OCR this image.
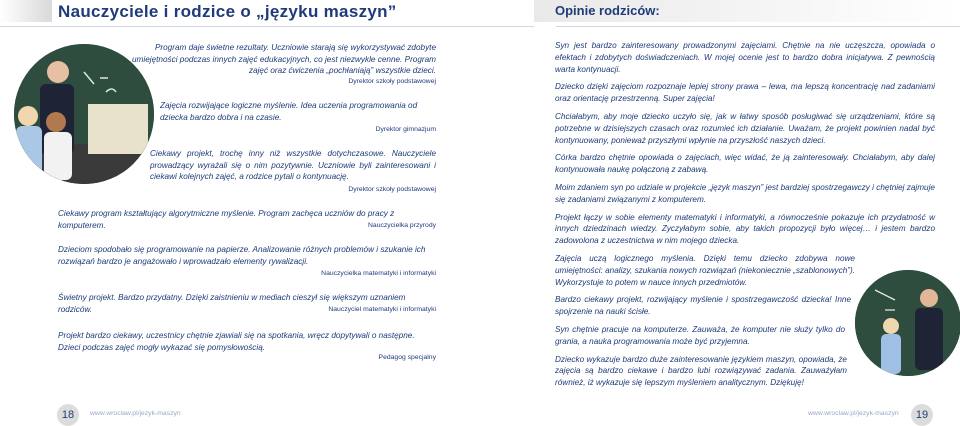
Nauczyciele i rodzice o „języku maszyn”	Opinie rodziców:
Program daje świetne rezultaty. Uczniowie starają się wykorzystywać zdobyte umiejętności podczas innych zajęć edukacyjnych, co jest niezwykle cenne. Program zajęć oraz ćwiczenia „pochłaniają” wszystkie dzieci.
Dyrektor szkoły podstawowej
Zajęcia rozwijające logiczne myślenie. Idea uczenia programowania od dziecka bardzo dobra i na czasie.
Dyrektor gimnazjum
Ciekawy projekt, trochę inny niż wszystkie dotychczasowe. Nauczyciele prowadzący wyrażali się o nim pozytywnie. Uczniowie byli zainteresowani i ciekawi kolejnych zajęć, a rodzice pytali o kontynuację.
Dyrektor szkoły podstawowej
Ciekawy program kształtujący algorytmiczne myślenie. Program zachęca uczniów do pracy z komputerem.	Nauczycielka przyrody
Dzieciom spodobało się programowanie na papierze. Analizowanie różnych problemów i szukanie ich rozwiązań bardzo je angażowało i wprowadzało elementy rywalizacji.
Nauczycielka matematyki i informatyki
Świetny projekt. Bardzo przydatny. Dzięki zaistnieniu w mediach cieszył się większym uznaniem rodziców.	Nauczyciel matematyki i informatyki
Projekt bardzo ciekawy, uczestnicy chętnie zjawiali się na spotkania, wręcz dopytywali o następne. Dzieci podczas zajęć mogły wykazać się pomysłowością.
Pedagog specjalny
18	www.wroclaw.pl/jezyk-maszyn

Syn jest bardzo zainteresowany prowadzonymi zajęciami. Chętnie na nie uczęszcza, opowiada o efektach i zdobytych doświadczeniach. W mojej ocenie jest to bardzo dobra inicjatywa. Z pewnością warta kontynuacji.

Dziecko dzięki zajęciom rozpoznaje lepiej strony prawa – lewa, ma lepszą koncentrację nad zadaniami oraz orientację przestrzenną. Super zajęcia!

Chciałabym, aby moje dziecko uczyło się, jak w łatwy sposób posługiwać się urządzeniami, które są potrzebne w dzisiejszych czasach oraz rozumieć ich działanie. Uważam, że projekt powinien nadal być kontynuowany, ponieważ przyszłymi wpłynie na przyszłość naszych dzieci.

Córka bardzo chętnie opowiada o zajęciach, więc widać, że ją zainteresowały. Chciałabym, aby dalej kontynuowała naukę połączoną z zabawą.

Moim zdaniem syn po udziale w projekcie „język maszyn” jest bardziej spostrzegawczy i chętniej zajmuje się zadaniami związanymi z komputerem.

Projekt łączy w sobie elementy matematyki i informatyki, a równocześnie pokazuje ich przydatność w innych dziedzinach wiedzy. Zyczyłabym sobie, aby takich propozycji było więcej… i jestem bardzo zadowolona z uczestnictwa w nim mojego dziecka.

Zajęcia uczą logicznego myślenia. Dzięki temu dziecko zdobywa nowe umiejętności: analizy, szukania nowych rozwiązań (niekoniecznie „szablonowych”). Wykorzystuje to potem w nauce innych przedmiotów.

Bardzo ciekawy projekt, rozwijający myślenie i spostrzegawczość dziecka! Inne spojrzenie na nauki ścisłe.

Syn chętnie pracuje na komputerze. Zauważa, że komputer nie służy tylko do grania, a nauka programowania może być przyjemna.

Dziecko wykazuje bardzo duże zainteresowanie językiem maszyn, opowiada, że zajęcia są bardzo ciekawe i bardzo lubi rozwiązywać zadania. Zauważyłam również, iż wykazuje się lepszym myśleniem analitycznym. Dziękuję!

www.wroclaw.pl/jezyk-maszyn	19
